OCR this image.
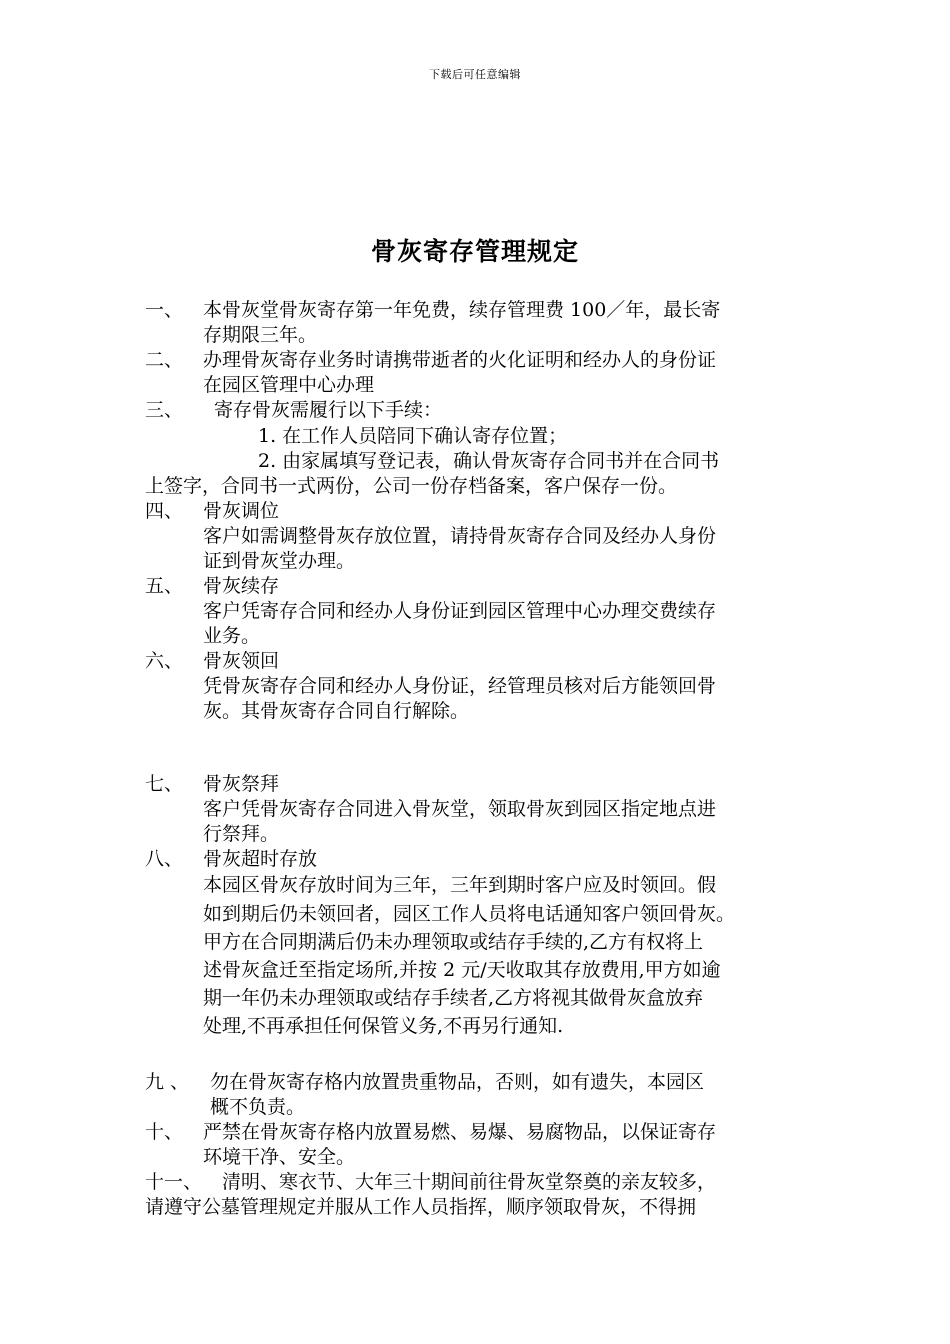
下载后可任意编辑
骨灰寄存管理规定
一、 本骨灰堂骨灰寄存第一年免费，续存管理费 100／年，最长寄
存期限三年。
二、 办理骨灰寄存业务时请携带逝者的火化证明和经办人的身份证
在园区管理中心办理
三、 寄存骨灰需履行以下手续：
1. 在工作人员陪同下确认寄存位置；
2. 由家属填写登记表，确认骨灰寄存合同书并在合同书
上签字，合同书一式两份，公司一份存档备案，客户保存一份。
四、 骨灰调位
客户如需调整骨灰存放位置，请持骨灰寄存合同及经办人身份
证到骨灰堂办理。
五、 骨灰续存
客户凭寄存合同和经办人身份证到园区管理中心办理交费续存
业务。
六、 骨灰领回
凭骨灰寄存合同和经办人身份证，经管理员核对后方能领回骨
灰。其骨灰寄存合同自行解除。
七、 骨灰祭拜
客户凭骨灰寄存合同进入骨灰堂，领取骨灰到园区指定地点进
行祭拜。
八、 骨灰超时存放
本园区骨灰存放时间为三年，三年到期时客户应及时领回。假
如到期后仍未领回者，园区工作人员将电话通知客户领回骨灰。
甲方在合同期满后仍未办理领取或结存手续的,乙方有权将上
述骨灰盒迁至指定场所,并按 2 元/天收取其存放费用,甲方如逾
期一年仍未办理领取或结存手续者,乙方将视其做骨灰盒放弃
处理,不再承担任何保管义务,不再另行通知.
九 、 勿在骨灰寄存格内放置贵重物品，否则，如有遗失，本园区
概不负责。
十、 严禁在骨灰寄存格内放置易燃、易爆、易腐物品，以保证寄存
环境干净、安全。
十一、 清明、寒衣节、大年三十期间前往骨灰堂祭奠的亲友较多，
请遵守公墓管理规定并服从工作人员指挥，顺序领取骨灰，不得拥
